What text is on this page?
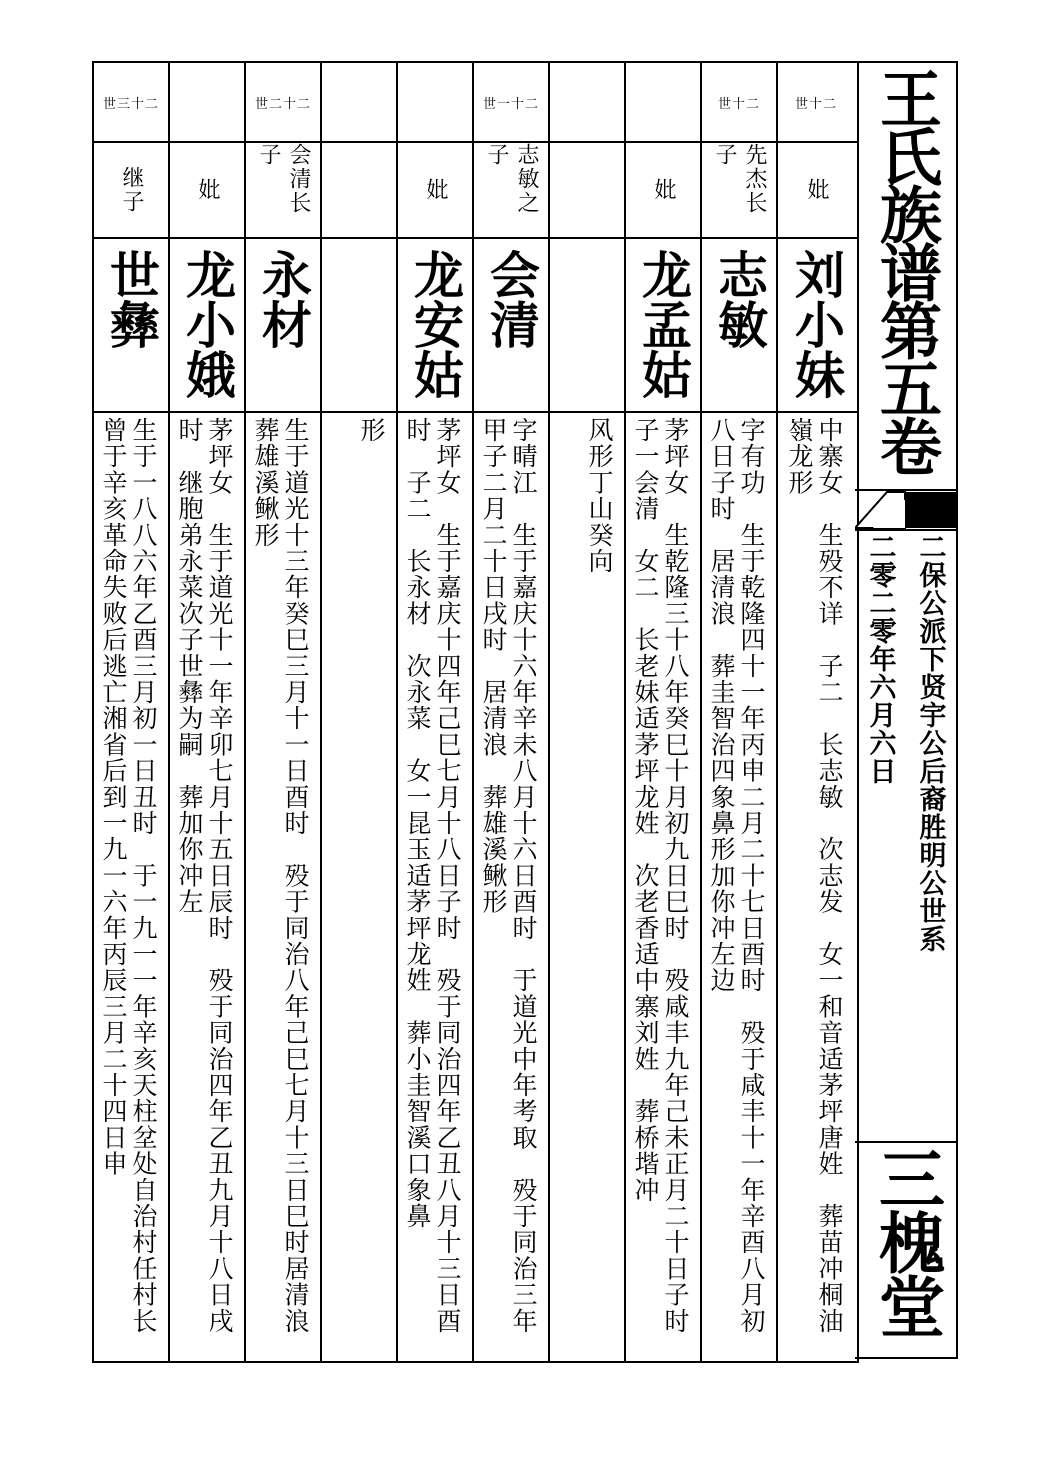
世三十二
继子
世彝
生于一八八六年乙酉三月初一日丑时　于一九一一年辛亥天柱坌处自治村任村长　曾于辛亥革命失败后逃亡湘省后到一九一六年丙辰三月二十四日申
妣
龙小娥
茅坪女　生于道光十一年辛卯七月十五日辰时　殁于同治四年乙丑九月十八日戌时　继胞弟永菜次子世彝为嗣　葬加你冲左
世二十二
会清长子
永材
生于道光十三年癸巳三月十一日酉时　殁于同治八年己巳七月十三日巳时居清浪　葬雄溪鳅形	形
妣
龙安姑
茅坪女　生于嘉庆十四年己巳七月十八日子时　殁于同治四年乙丑八月十三日酉时　子二　长永材　次永菜　女一昆玉适茅坪龙姓　葬小圭智溪口象鼻
世一十二
志敏之子
会清
字晴江　生于嘉庆十六年辛未八月十六日酉时　于道光中年考取　殁于同治三年甲子二月二十日戌时　居清浪　葬雄溪鳅形	风形丁山癸向
妣
龙孟姑
茅坪女　生乾隆三十八年癸巳十月初九日巳时　殁咸丰九年己未正月二十日子时　子一会清　女二　长老妹适茅坪龙姓　次老香适中寨刘姓　葬桥堦冲
世十二
先杰长子
志敏
字有功　生于乾隆四十一年丙申二月二十七日酉时　殁于咸丰十一年辛酉八月初八日子时　居清浪　葬圭智治四象鼻形加你冲左边
世十二
妣
刘小妹
中寨女　生殁不详　子二　长志敏　次志发　女一和音适茅坪唐姓　葬苗冲桐油嶺龙形 王氏族谱第五卷
二保公派下贤宇公后裔胜明公世系
二零二零年六月六日
三槐堂
